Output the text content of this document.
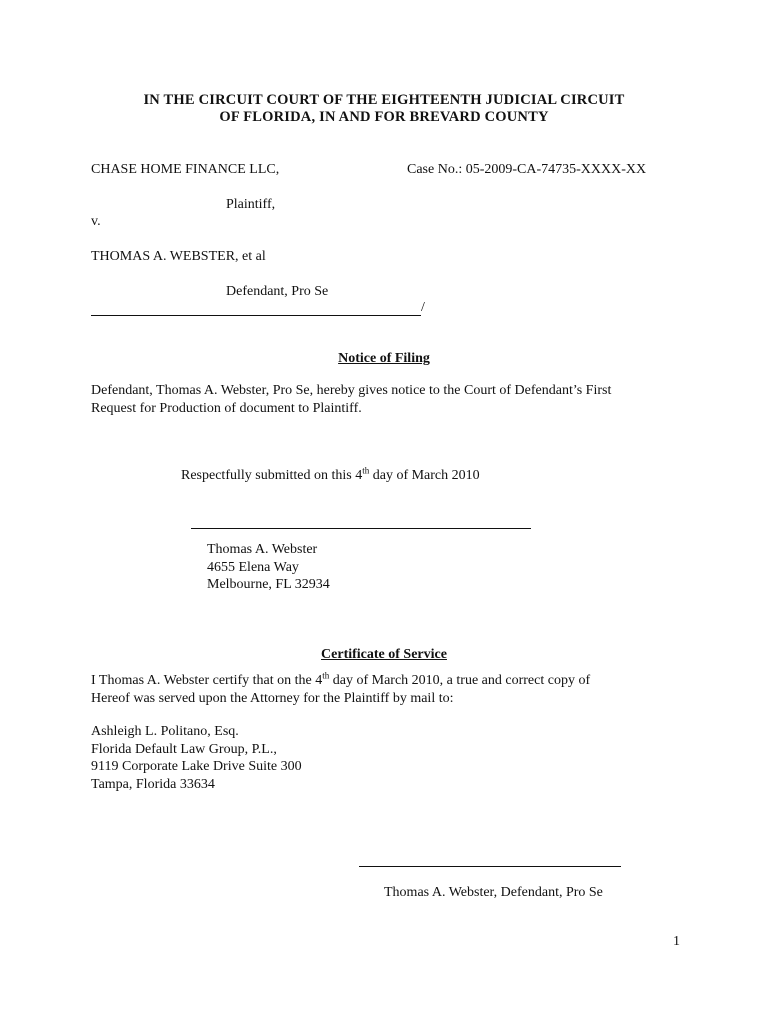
IN THE CIRCUIT COURT OF THE EIGHTEENTH JUDICIAL CIRCUIT
OF FLORIDA, IN AND FOR BREVARD COUNTY
CHASE HOME FINANCE LLC,	Case No.: 05-2009-CA-74735-XXXX-XX
Plaintiff,
v.
THOMAS A. WEBSTER, et al
Defendant, Pro Se
/
Notice of Filing
Defendant, Thomas A. Webster, Pro Se, hereby gives notice to the Court of Defendant’s First
Request for Production of document to Plaintiff.
Respectfully submitted on this 4th day of March 2010
Thomas A. Webster
4655 Elena Way
Melbourne, FL 32934
Certificate of Service
I Thomas A. Webster certify that on the 4th day of March 2010, a true and correct copy of
Hereof was served upon the Attorney for the Plaintiff by mail to:
Ashleigh L. Politano, Esq.
Florida Default Law Group, P.L.,
9119 Corporate Lake Drive Suite 300
Tampa, Florida 33634
Thomas A. Webster, Defendant, Pro Se
1
